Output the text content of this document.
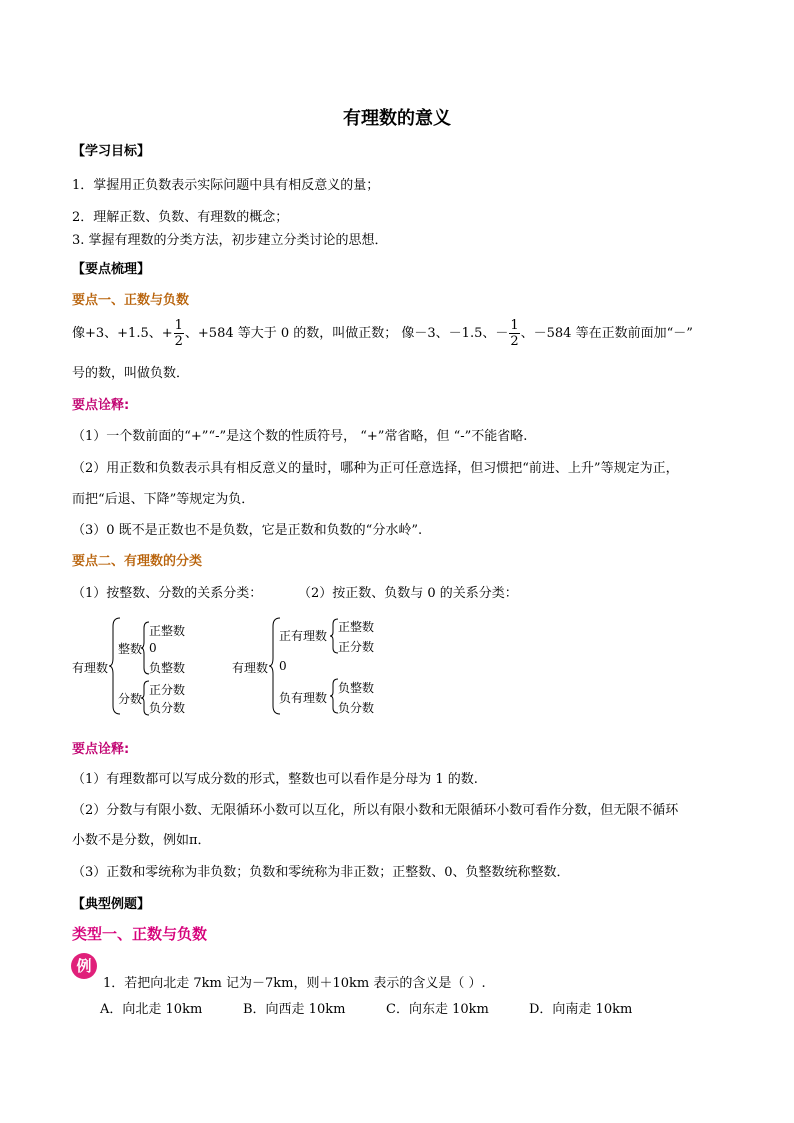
有理数的意义
【学习目标】
1．掌握用正负数表示实际问题中具有相反意义的量；
2．理解正数、负数、有理数的概念；
3. 掌握有理数的分类方法，初步建立分类讨论的思想．
【要点梳理】
要点一、正数与负数
像+3、+1.5、+ $\frac{1}{2}$ 、+584 等大于 0 的数，叫做正数； 像－3、－1.5、－ $\frac{1}{2}$ 、－584 等在正数前面加“－”
号的数，叫做负数．
要点诠释:
（1）一个数前面的“+”“-”是这个数的性质符号， “+”常省略，但 “-”不能省略.
（2）用正数和负数表示具有相反意义的量时，哪种为正可任意选择，但习惯把“前进、上升”等规定为正，
而把“后退、下降”等规定为负．
（3）0 既不是正数也不是负数，它是正数和负数的“分水岭”.
要点二、有理数的分类
（1）按整数、分数的关系分类：	（2）按正数、负数与 0 的关系分类：
有理数
整数
正整数
0
负整数
分数
正分数
负分数
有理数
正有理数
正整数
正分数
0
负有理数
负整数
负分数
要点诠释:
（1）有理数都可以写成分数的形式，整数也可以看作是分母为 1 的数.
（2）分数与有限小数、无限循环小数可以互化，所以有限小数和无限循环小数可看作分数，但无限不循环
小数不是分数，例如π．
（3）正数和零统称为非负数；负数和零统称为非正数；正整数、0、负整数统称整数．
【典型例题】
类型一、正数与负数
例
1．若把向北走 7km 记为－7km，则＋10km 表示的含义是（ ）.
A．向北走 10km	B．向西走 10km	C．向东走 10km	D．向南走 10km
